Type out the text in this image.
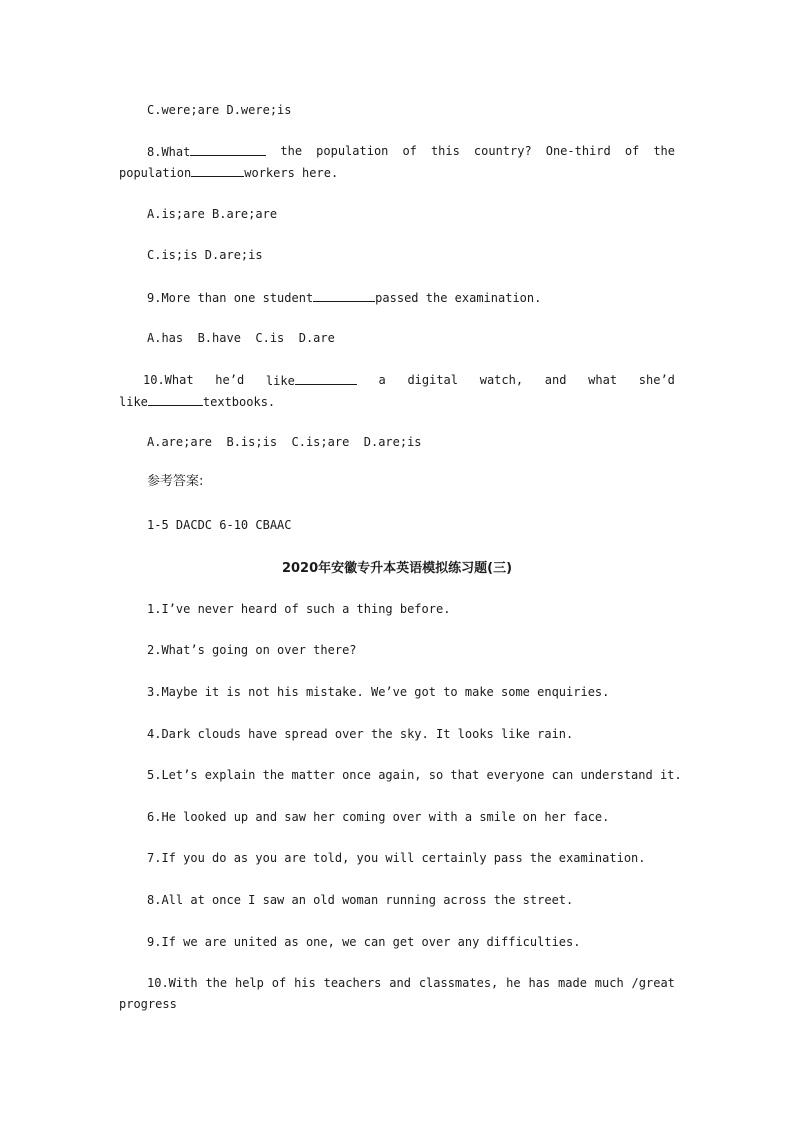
C.were;are D.were;is
8.What	the population of this country? One-third of the
population	workers here.
A.is;are B.are;are
C.is;is D.are;is
9.More than one student	passed the examination.
A.has  B.have  C.is  D.are
10.What he’d like	a digital watch, and what she’d
like	textbooks.
A.are;are  B.is;is  C.is;are  D.are;is
参考答案:
1-5 DACDC 6-10 CBAAC
2020年安徽专升本英语模拟练习题(三)
1.I’ve never heard of such a thing before.
2.What’s going on over there?
3.Maybe it is not his mistake. We’ve got to make some enquiries.
4.Dark clouds have spread over the sky. It looks like rain.
5.Let’s explain the matter once again, so that everyone can understand it.
6.He looked up and saw her coming over with a smile on her face.
7.If you do as you are told, you will certainly pass the examination.
8.All at once I saw an old woman running across the street.
9.If we are united as one, we can get over any difficulties.
10.With the help of his teachers and classmates, he has made much /great
progress
